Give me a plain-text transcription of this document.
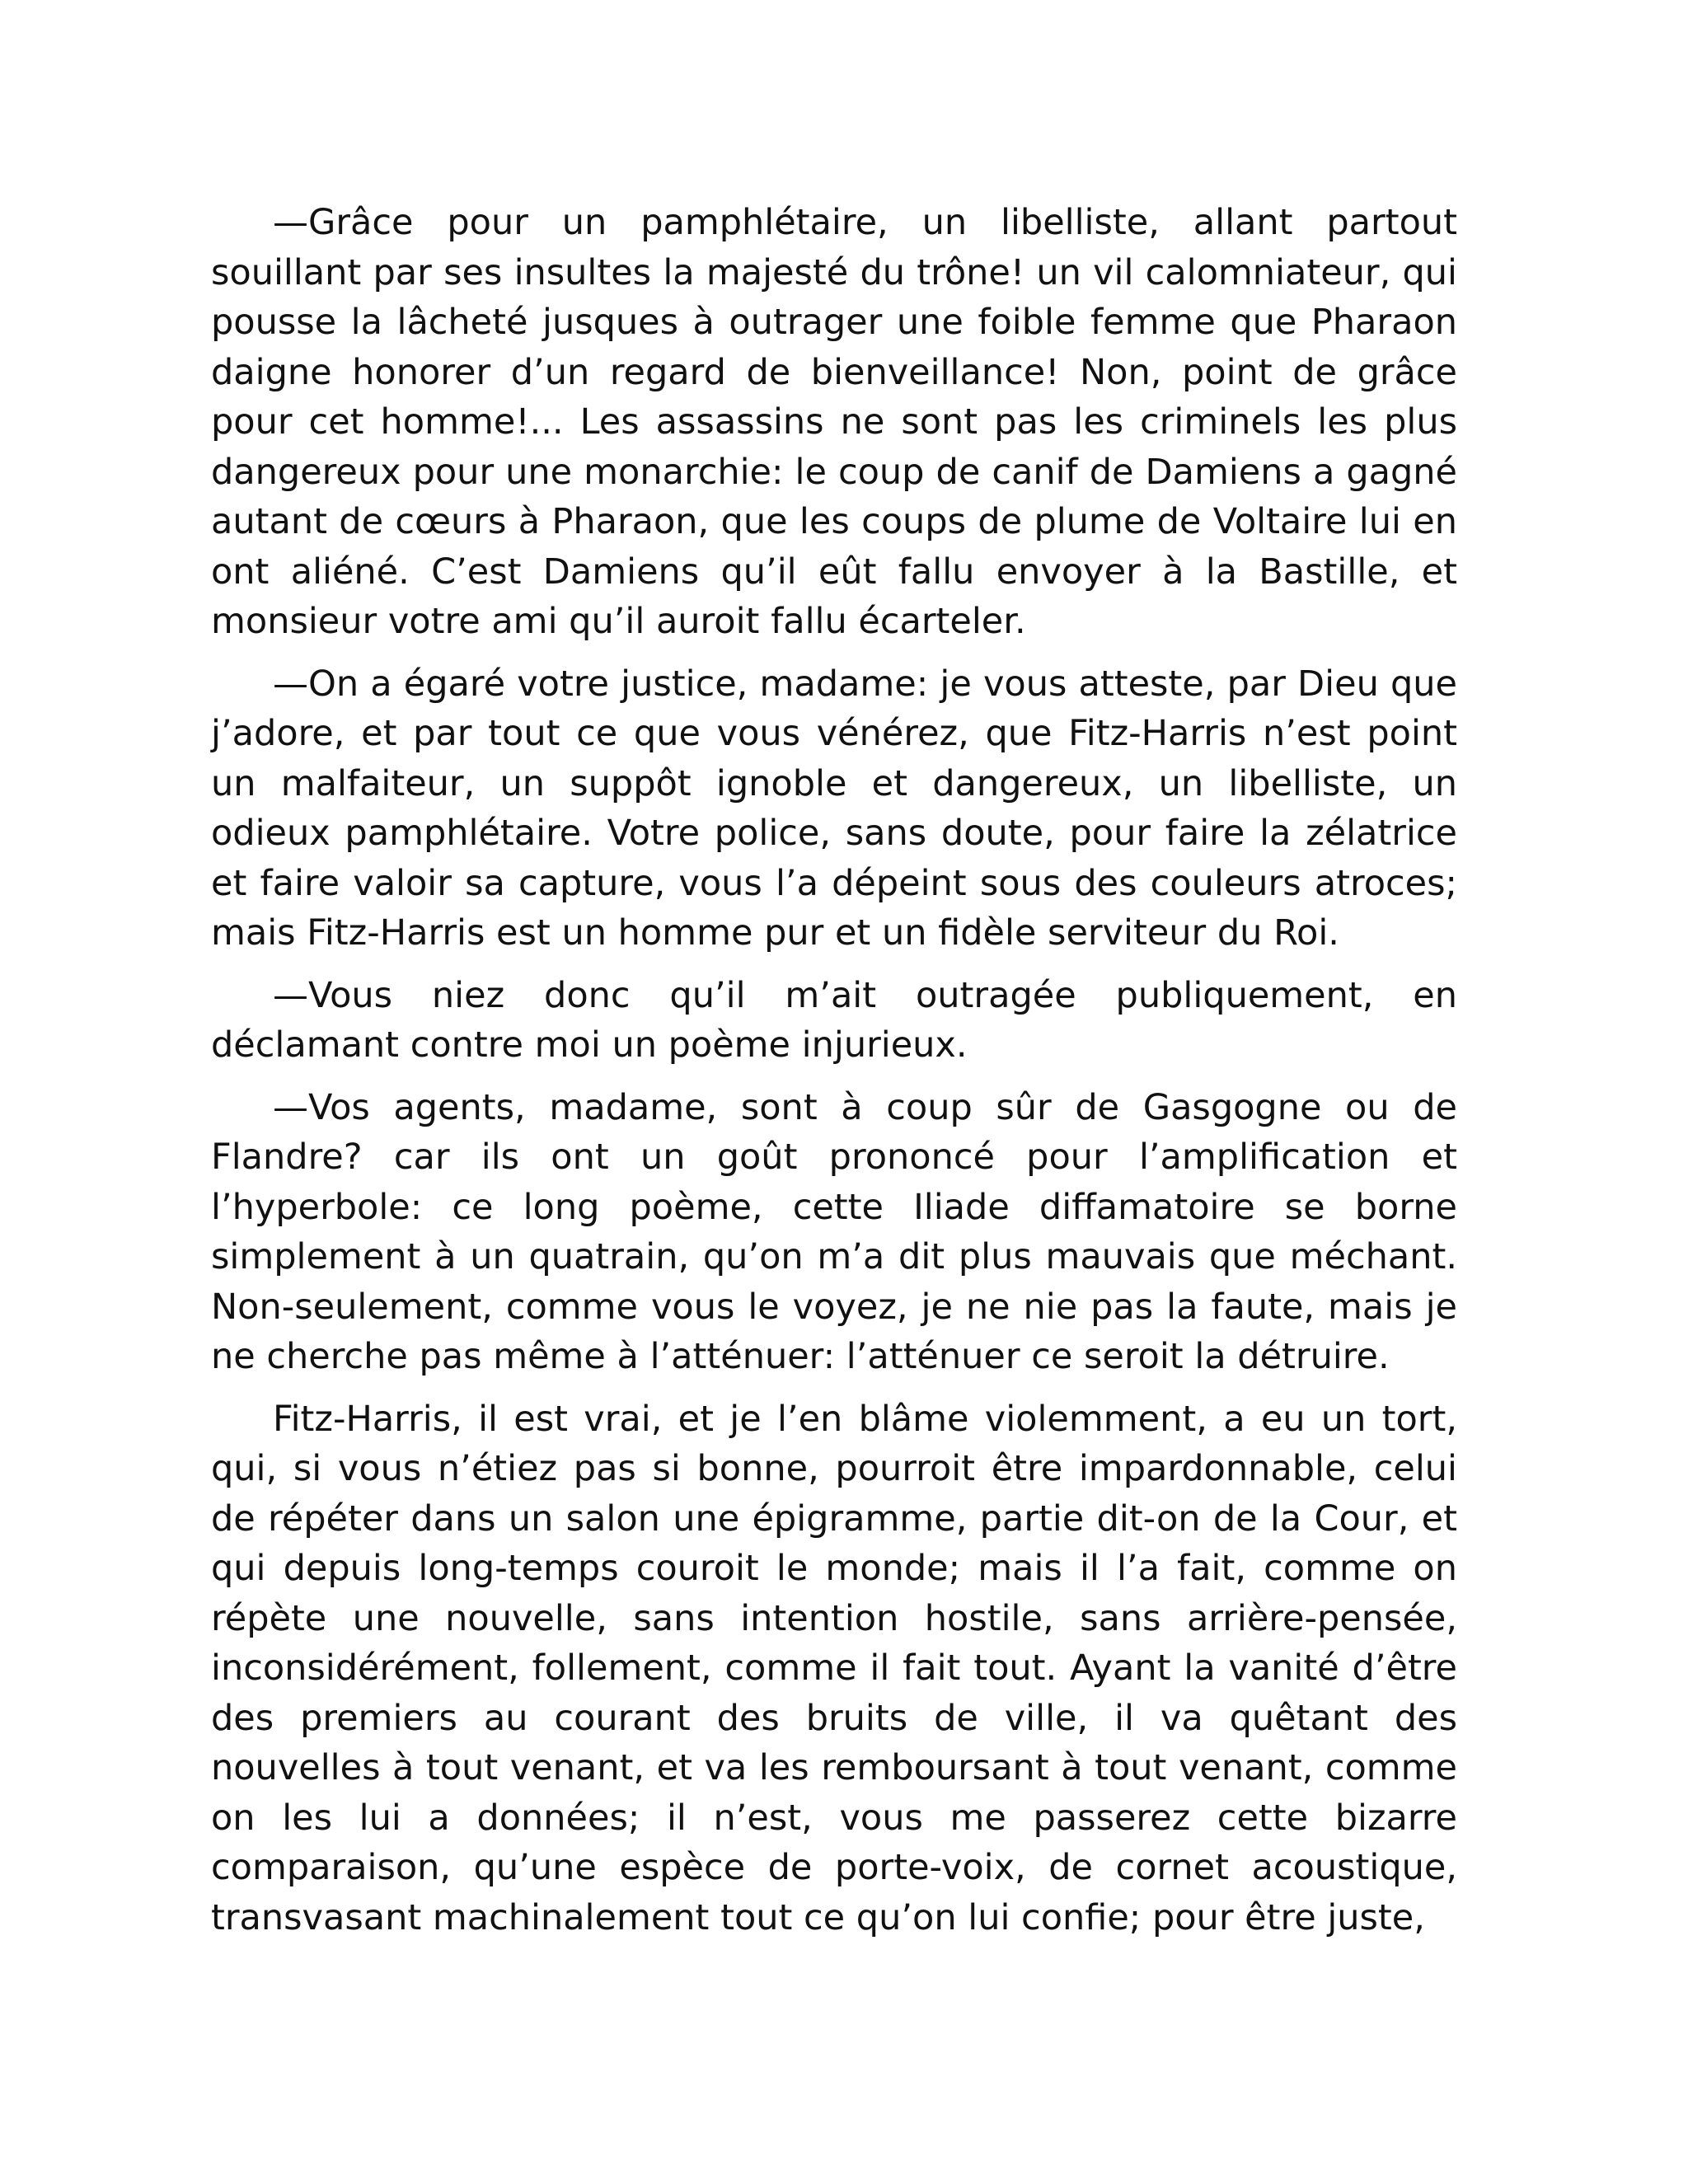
—Grâce pour un pamphlétaire, un libelliste, allant partout souillant par ses insultes la majesté du trône! un vil calomniateur, qui pousse la lâcheté jusques à outrager une foible femme que Pharaon daigne honorer d’un regard de bienveillance! Non, point de grâce pour cet homme!... Les assassins ne sont pas les criminels les plus dangereux pour une monarchie: le coup de canif de Damiens a gagné autant de cœurs à Pharaon, que les coups de plume de Voltaire lui en ont aliéné. C’est Damiens qu’il eût fallu envoyer à la Bastille, et monsieur votre ami qu’il auroit fallu écarteler.

—On a égaré votre justice, madame: je vous atteste, par Dieu que j’adore, et par tout ce que vous vénérez, que Fitz-Harris n’est point un malfaiteur, un suppôt ignoble et dangereux, un libelliste, un odieux pamphlétaire. Votre police, sans doute, pour faire la zélatrice et faire valoir sa capture, vous l’a dépeint sous des couleurs atroces; mais Fitz-Harris est un homme pur et un fidèle serviteur du Roi.

—Vous niez donc qu’il m’ait outragée publiquement, en déclamant contre moi un poème injurieux.

—Vos agents, madame, sont à coup sûr de Gasgogne ou de Flandre? car ils ont un goût prononcé pour l’amplification et l’hyperbole: ce long poème, cette Iliade diffamatoire se borne simplement à un quatrain, qu’on m’a dit plus mauvais que méchant. Non-seulement, comme vous le voyez, je ne nie pas la faute, mais je ne cherche pas même à l’atténuer: l’atténuer ce seroit la détruire.

Fitz-Harris, il est vrai, et je l’en blâme violemment, a eu un tort, qui, si vous n’étiez pas si bonne, pourroit être impardonnable, celui de répéter dans un salon une épigramme, partie dit-on de la Cour, et qui depuis long-temps couroit le monde; mais il l’a fait, comme on répète une nouvelle, sans intention hostile, sans arrière-pensée, inconsidérément, follement, comme il fait tout. Ayant la vanité d’être des premiers au courant des bruits de ville, il va quêtant des nouvelles à tout venant, et va les remboursant à tout venant, comme on les lui a données; il n’est, vous me passerez cette bizarre comparaison, qu’une espèce de porte-voix, de cornet acoustique, transvasant machinalement tout ce qu’on lui confie; pour être juste,
